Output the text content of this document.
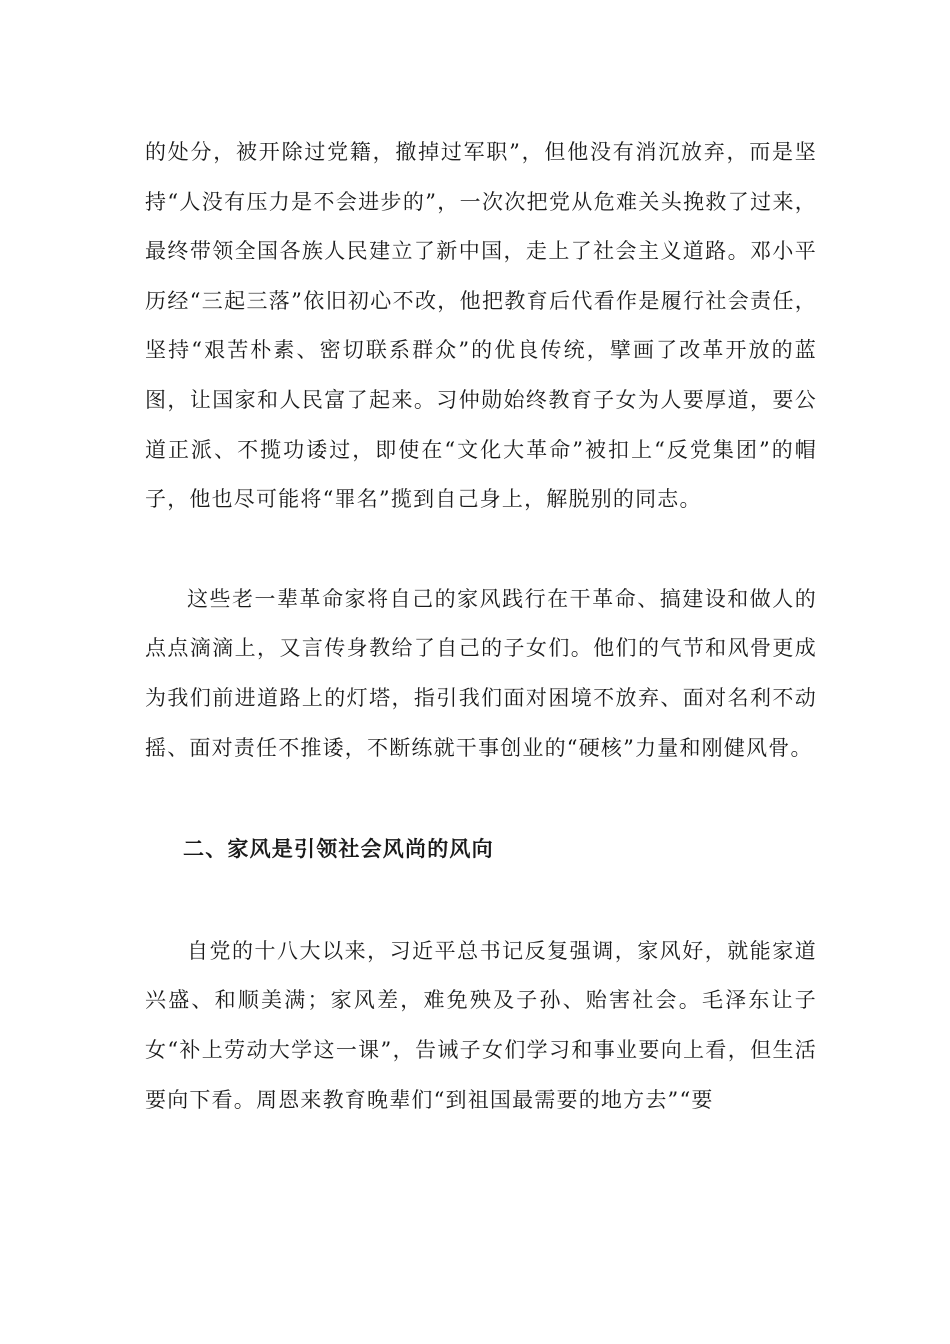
的处分，被开除过党籍，撤掉过军职”，但他没有消沉放弃，而是坚持“人没有压力是不会进步的”，一次次把党从危难关头挽救了过来，最终带领全国各族人民建立了新中国，走上了社会主义道路。邓小平历经“三起三落”依旧初心不改，他把教育后代看作是履行社会责任，坚持“艰苦朴素、密切联系群众”的优良传统，擘画了改革开放的蓝图，让国家和人民富了起来。习仲勋始终教育子女为人要厚道，要公道正派、不揽功诿过，即使在“文化大革命”被扣上“反党集团”的帽子，他也尽可能将“罪名”揽到自己身上，解脱别的同志。

这些老一辈革命家将自己的家风践行在干革命、搞建设和做人的点点滴滴上，又言传身教给了自己的子女们。他们的气节和风骨更成为我们前进道路上的灯塔，指引我们面对困境不放弃、面对名利不动摇、面对责任不推诿，不断练就干事创业的“硬核”力量和刚健风骨。

二、家风是引领社会风尚的风向

自党的十八大以来，习近平总书记反复强调，家风好，就能家道兴盛、和顺美满；家风差，难免殃及子孙、贻害社会。毛泽东让子女“补上劳动大学这一课”，告诫子女们学习和事业要向上看，但生活要向下看。周恩来教育晚辈们“到祖国最需要的地方去”“要
